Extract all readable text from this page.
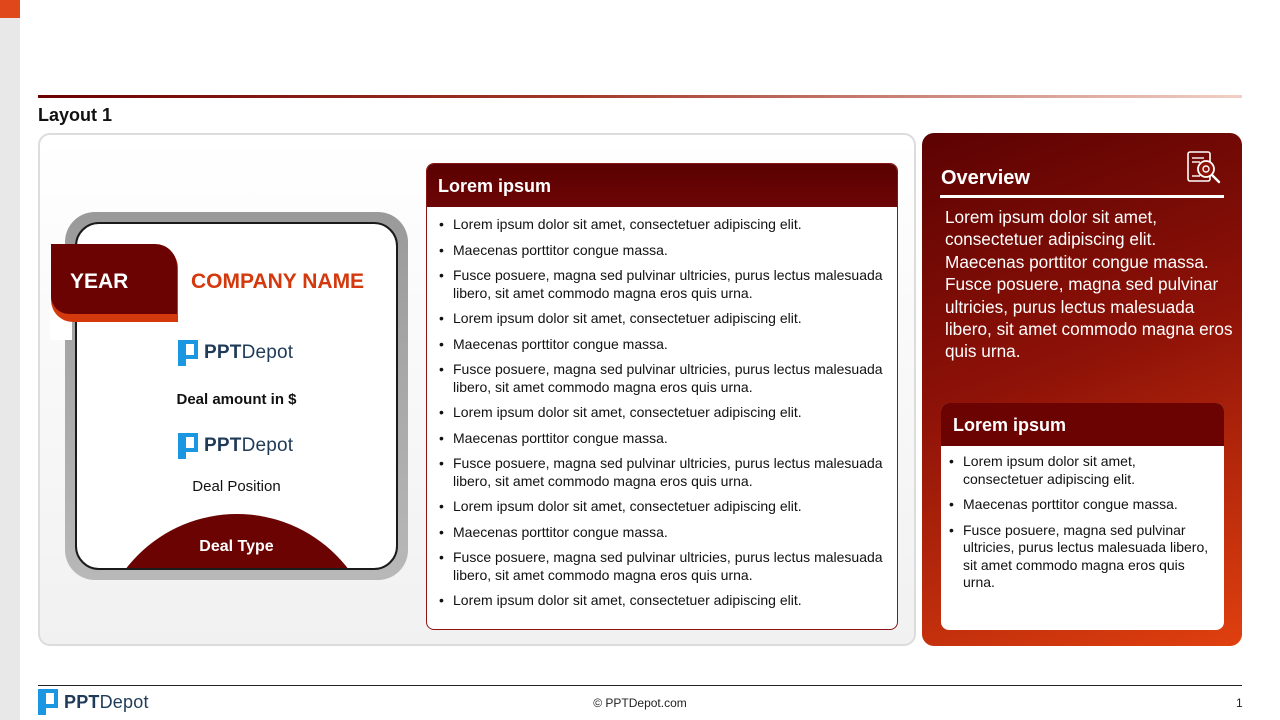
Layout 1
Deal Type
YEAR	COMPANY NAME
PPTDepot
Deal amount in $
PPTDepot
Deal Position
Lorem ipsum
• Lorem ipsum dolor sit amet, consectetuer adipiscing elit.
• Maecenas porttitor congue massa.
• Fusce posuere, magna sed pulvinar ultricies, purus lectus malesuada libero, sit amet commodo magna eros quis urna.
• Lorem ipsum dolor sit amet, consectetuer adipiscing elit.
• Maecenas porttitor congue massa.
• Fusce posuere, magna sed pulvinar ultricies, purus lectus malesuada libero, sit amet commodo magna eros quis urna.
• Lorem ipsum dolor sit amet, consectetuer adipiscing elit.
• Maecenas porttitor congue massa.
• Fusce posuere, magna sed pulvinar ultricies, purus lectus malesuada libero, sit amet commodo magna eros quis urna.
• Lorem ipsum dolor sit amet, consectetuer adipiscing elit.
• Maecenas porttitor congue massa.
• Fusce posuere, magna sed pulvinar ultricies, purus lectus malesuada libero, sit amet commodo magna eros quis urna.
• Lorem ipsum dolor sit amet, consectetuer adipiscing elit.
Overview
Lorem ipsum dolor sit amet, consectetuer adipiscing elit. Maecenas porttitor congue massa. Fusce posuere, magna sed pulvinar ultricies, purus lectus malesuada libero, sit amet commodo magna eros quis urna.
Lorem ipsum
• Lorem ipsum dolor sit amet, consectetuer adipiscing elit.
• Maecenas porttitor congue massa.
• Fusce posuere, magna sed pulvinar ultricies, purus lectus malesuada libero, sit amet commodo magna eros quis urna.
PPTDepot	© PPTDepot.com	1
